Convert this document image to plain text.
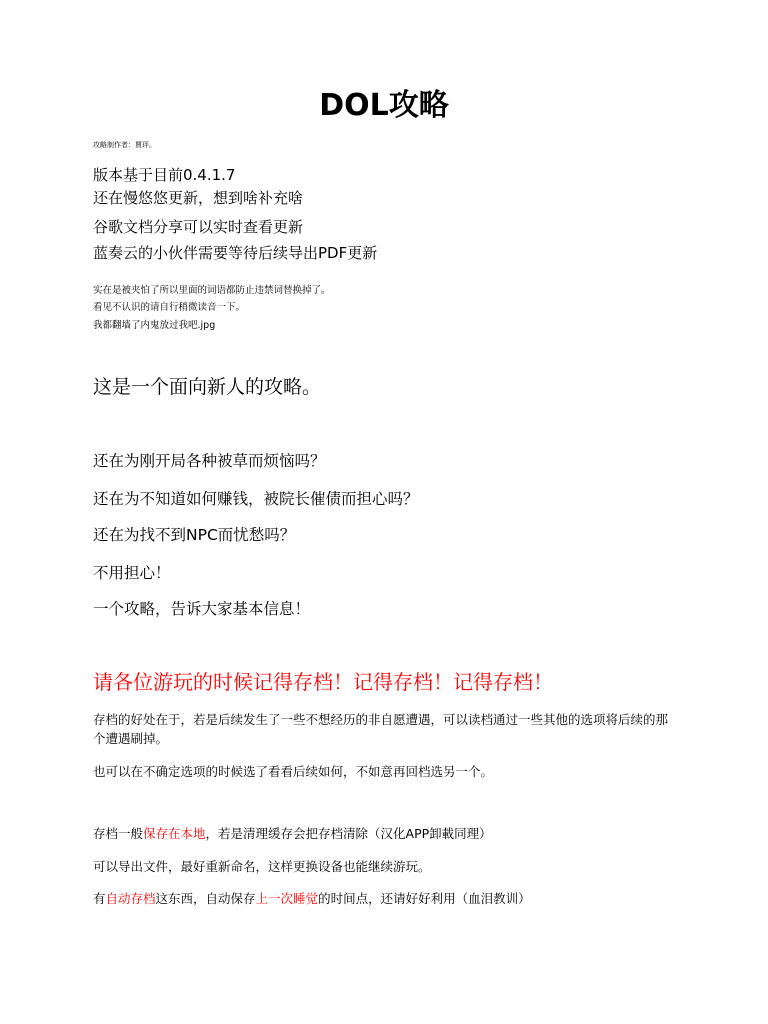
DOL攻略

攻略制作者：賈玶。

版本基于目前0.4.1.7

还在慢悠悠更新，想到啥补充啥

谷歌文档分享可以实时查看更新

蓝奏云的小伙伴需要等待后续导出PDF更新

实在是被夹怕了所以里面的词语都防止违禁词替换掉了。

看见不认识的请自行稍微读音一下。

我都翻墙了内鬼放过我吧.jpg

这是一个面向新人的攻略。

还在为刚开局各种被草而烦恼吗？

还在为不知道如何赚钱，被院长催债而担心吗？

还在为找不到NPC而忧愁吗？

不用担心！

一个攻略，告诉大家基本信息！

请各位游玩的时候记得存档！记得存档！记得存档！

存档的好处在于，若是后续发生了一些不想经历的非自愿遭遇，可以读档通过一些其他的选项将后续的那个遭遇刷掉。

也可以在不确定选项的时候选了看看后续如何，不如意再回档选另一个。

存档一般保存在本地，若是清理缓存会把存档清除（汉化APP卸載同理）

可以导出文件，最好重新命名，这样更换设备也能继续游玩。

有自动存档这东西，自动保存上一次睡觉的时间点，还请好好利用（血泪教训）
